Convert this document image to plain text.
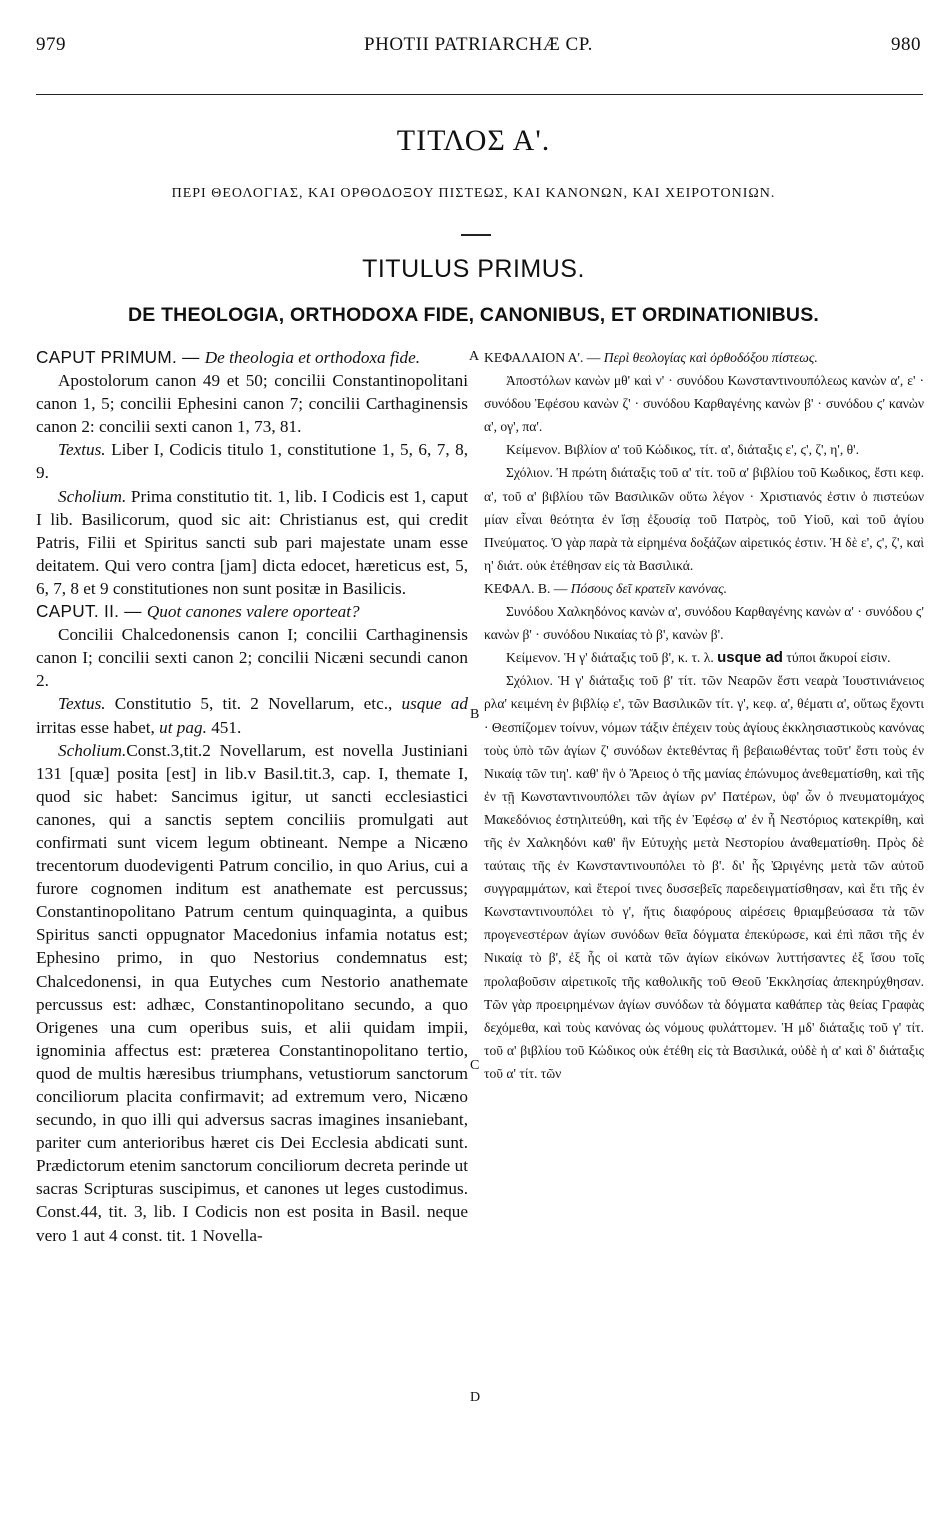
979	PHOTII PATRIARCHÆ CP.	980
ΤΙΤΛΟΣ Α'.
ΠΕΡΙ ΘΕΟΛΟΓΙΑΣ, ΚΑΙ ΟΡΘΟΔΟΞΟΥ ΠΙΣΤΕΩΣ, ΚΑΙ ΚΑΝΟΝΩΝ, ΚΑΙ ΧΕΙΡΟΤΟΝΙΩΝ.
TITULUS PRIMUS.
DE THEOLOGIA, ORTHODOXA FIDE, CANONIBUS, ET ORDINATIONIBUS.

CAPUT PRIMUM. — De theologia et orthodoxa fide.

Apostolorum canon 49 et 50; concilii Constantinopolitani canon 1, 5; concilii Ephesini canon 7; concilii Carthaginensis canon 2: concilii sexti canon 1, 73, 81.

Textus. Liber I, Codicis titulo 1, constitutione 1, 5, 6, 7, 8, 9.

Scholium. Prima constitutio tit. 1, lib. I Codicis est 1, caput I lib. Basilicorum, quod sic ait: Christianus est, qui credit Patris, Filii et Spiritus sancti sub pari majestate unam esse deitatem. Qui vero contra [jam] dicta edocet, hæreticus est, 5, 6, 7, 8 et 9 constitutiones non sunt positæ in Basilicis.

CAPUT. II. — Quot canones valere oporteat?

Concilii Chalcedonensis canon I; concilii Carthaginensis canon I; concilii sexti canon 2; concilii Nicæni secundi canon 2.

Textus. Constitutio 5, tit. 2 Novellarum, etc., usque ad irritas esse habet, ut pag. 451.

Scholium.Const.3,tit.2 Novellarum, est novella Justiniani 131 [quæ] posita [est] in lib.v Basil.tit.3, cap. I, themate I, quod sic habet: Sancimus igitur, ut sancti ecclesiastici canones, qui a sanctis septem conciliis promulgati aut confirmati sunt vicem legum obtineant. Nempe a Nicæno trecentorum duodevigenti Patrum concilio, in quo Arius, cui a furore cognomen inditum est anathemate est percussus; Constantinopolitano Patrum centum quinquaginta, a quibus Spiritus sancti oppugnator Macedonius infamia notatus est; Ephesino primo, in quo Nestorius condemnatus est; Chalcedonensi, in qua Eutyches cum Nestorio anathemate percussus est: adhæc, Constantinopolitano secundo, a quo Origenes una cum operibus suis, et alii quidam impii, ignominia affectus est: præterea Constantinopolitano tertio, quod de multis hæresibus triumphans, vetustiorum sanctorum conciliorum placita confirmavit; ad extremum vero, Nicæno secundo, in quo illi qui adversus sacras imagines insaniebant, pariter cum anterioribus hæret cis Dei Ecclesia abdicati sunt. Prædictorum etenim sanctorum conciliorum decreta perinde ut sacras Scripturas suscipimus, et canones ut leges custodimus. Const.44, tit. 3, lib. I Codicis non est posita in Basil. neque vero 1 aut 4 const. tit. 1 Novella-

A
B
C
D

ΚΕΦΑΛΑΙΟΝ Α'. — Περὶ θεολογίας καὶ ὀρθοδόξου πίστεως.

Ἀποστόλων κανὼν μθ' καὶ ν' · συνόδου Κωνσταντινουπόλεως κανὼν α', ε' · συνόδου Ἐφέσου κανὼν ζ' · συνόδου Καρθαγένης κανὼν β' · συνόδου ϛ' κανὼν α', ογ', πα'.

Κείμενον. Βιβλίον α' τοῦ Κώδικος, τίτ. α', διάταξις ε', ϛ', ζ', η', θ'.

Σχόλιον. Ἡ πρώτη διάταξις τοῦ α' τίτ. τοῦ α' βιβλίου τοῦ Κωδικος, ἔστι κεφ. α', τοῦ α' βιβλίου τῶν Βασιλικῶν οὕτω λέγον · Χριστιανός ἐστιν ὁ πιστεύων μίαν εἶναι θεότητα ἐν ἴσῃ ἐξουσίᾳ τοῦ Πατρὸς, τοῦ Υἱοῦ, καὶ τοῦ ἁγίου Πνεύματος. Ὁ γὰρ παρὰ τὰ εἰρημένα δοξάζων αἱρετικός ἐστιν. Ἡ δὲ ε', ϛ', ζ', καὶ η' διάτ. οὐκ ἐτέθησαν εἰς τὰ Βασιλικά.

ΚΕΦΑΛ. Β. — Πόσους δεῖ κρατεῖν κανόνας.

Συνόδου Χαλκηδόνος κανὼν α', συνόδου Καρθαγένης κανὼν α' · συνόδου ϛ' κανὼν β' · συνόδου Νικαίας τὸ β', κανὼν β'.

Κείμενον. Ἡ γ' διάταξις τοῦ β', κ. τ. λ. usque ad τύποι ἄκυροί εἰσιν.

Σχόλιον. Ἡ γ' διάταξις τοῦ β' τίτ. τῶν Νεαρῶν ἔστι νεαρὰ Ἰουστινιάνειος ρλα' κειμένη ἐν βιβλίῳ ε', τῶν Βασιλικῶν τίτ. γ', κεφ. α', θέματι α', οὕτως ἔχοντι · Θεσπίζομεν τοίνυν, νόμων τάξιν ἐπέχειν τοὺς ἁγίους ἐκκλησιαστικοὺς κανόνας τοὺς ὑπὸ τῶν ἁγίων ζ' συνόδων ἐκτεθέντας ἢ βεβαιωθέντας τοῦτ' ἔστι τοὺς ἐν Νικαίᾳ τῶν τιη'. καθ' ἣν ὁ Ἄρειος ὁ τῆς μανίας ἐπώνυμος ἀνεθεματίσθη, καὶ τῆς ἐν τῇ Κωνσταντινουπόλει τῶν ἁγίων ρν' Πατέρων, ὑφ' ὧν ὁ πνευματομάχος Μακεδόνιος ἐστηλιτεύθη, καὶ τῆς ἐν Ἐφέσῳ α' ἐν ἧ Νεστόριος κατεκρίθη, καὶ τῆς ἐν Χαλκηδόνι καθ' ἣν Εὐτυχὴς μετὰ Νεστορίου ἀναθεματίσθη. Πρὸς δὲ ταύταις τῆς ἐν Κωνσταντινουπόλει τὸ β'. δι' ἧς Ὠριγένης μετὰ τῶν αὐτοῦ συγγραμμάτων, καὶ ἕτεροί τινες δυσσεβεῖς παρεδειγματίσθησαν, καὶ ἔτι τῆς ἐν Κωνσταντινουπόλει τὸ γ', ἥτις διαφόρους αἱρέσεις θριαμβεύσασα τὰ τῶν προγενεστέρων ἁγίων συνόδων θεῖα δόγματα ἐπεκύρωσε, καὶ ἐπὶ πᾶσι τῆς ἐν Νικαίᾳ τὸ β', ἐξ ἧς οἱ κατὰ τῶν ἁγίων εἰκόνων λυττήσαντες ἐξ ἴσου τοῖς προλαβοῦσιν αἱρετικοῖς τῆς καθολικῆς τοῦ Θεοῦ Ἐκκλησίας ἀπεκηρύχθησαν. Τῶν γὰρ προειρημένων ἁγίων συνόδων τὰ δόγματα καθάπερ τὰς θείας Γραφὰς δεχόμεθα, καὶ τοὺς κανόνας ὡς νόμους φυλάττομεν. Ἡ μδ' διάταξις τοῦ γ' τίτ. τοῦ α' βιβλίου τοῦ Κώδικος οὐκ ἐτέθη εἰς τὰ Βασιλικά, οὐδὲ ἡ α' καὶ δ' διάταξις τοῦ α' τίτ. τῶν
